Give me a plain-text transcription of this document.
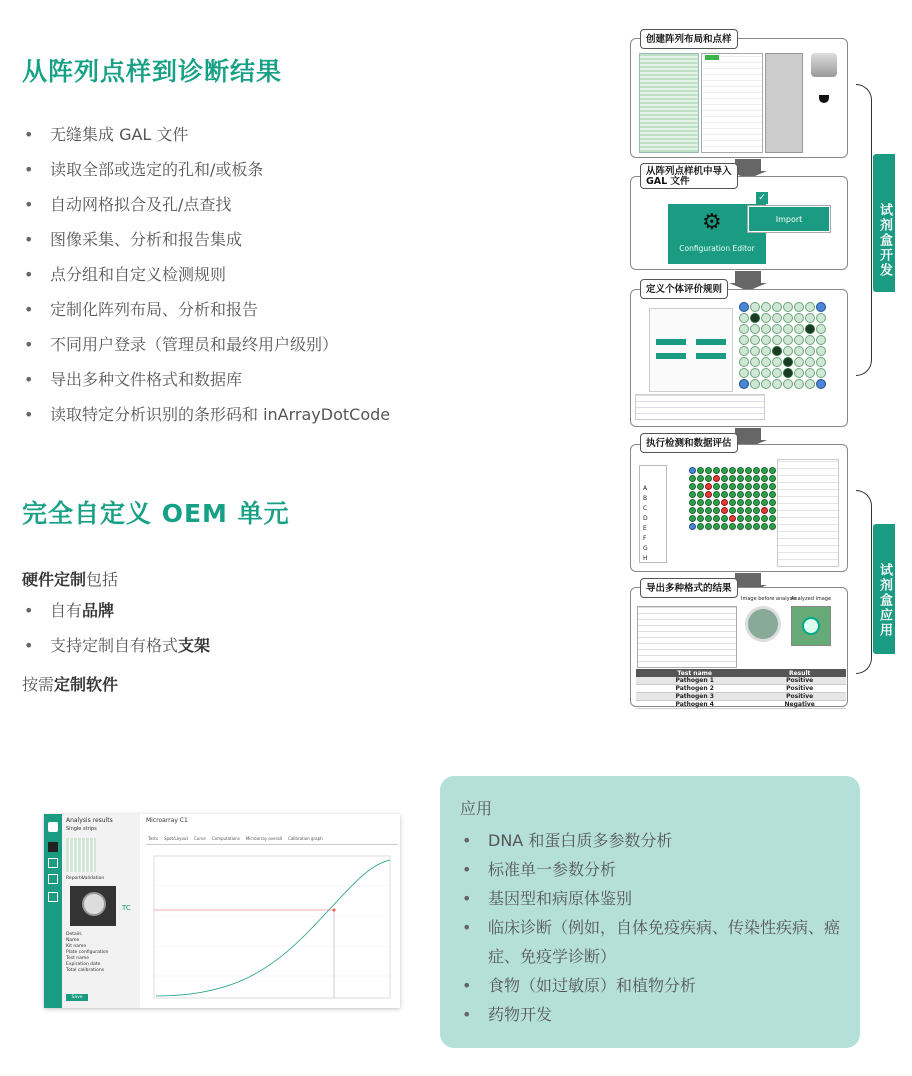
从阵列点样到诊断结果
• 无缝集成 GAL 文件
• 读取全部或选定的孔和/或板条
• 自动网格拟合及孔/点查找
• 图像采集、分析和报告集成
• 点分组和自定义检测规则
• 定制化阵列布局、分析和报告
• 不同用户登录（管理员和最终用户级别）
• 导出多种文件格式和数据库
• 读取特定分析识别的条形码和 inArrayDotCode
完全自定义 OEM 单元
硬件定制包括
• 自有品牌
• 支持定制自有格式支架
按需定制软件
创建阵列布局和点样
从阵列点样机中导入
GAL 文件
Configuration Editor
⚙
✓
Import
定义个体评价规则
A
B
C
D
E
F
G
H
执行检测和数据评估
Image before analysis
Analyzed image
导出多种格式的结果
Test name	Result
Pathogen 1	Positive
Pathogen 2	Positive
Pathogen 3	Positive
Pathogen 4	Negative
试剂盒开发
试剂盒应用
Analysis results
Single strips
Reports
Validation
TC
Details
Name
Kit name
Plate configuration
Test name
Expiration date
Total calibrations
Save
Microarray C1
Tests Spot/Layout Curve Computations Microarray overall Calibration graph
应用
• DNA 和蛋白质多参数分析
• 标准单一参数分析
• 基因型和病原体鉴别
• 临床诊断（例如，自体免疫疾病、传染性疾病、癌症、免疫学诊断）
• 食物（如过敏原）和植物分析
• 药物开发
